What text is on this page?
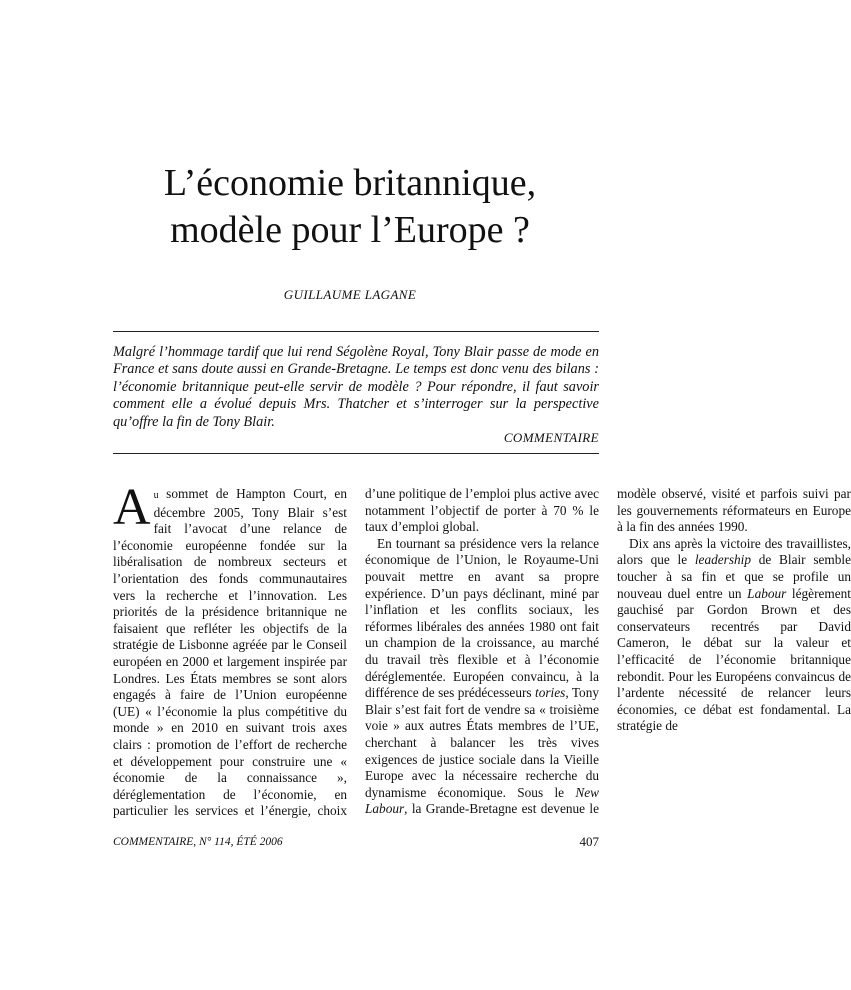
L’économie britannique,
modèle pour l’Europe ?
GUILLAUME LAGANE

Malgré l’hommage tardif que lui rend Ségolène Royal, Tony Blair passe de mode en France et sans doute aussi en Grande-Bretagne. Le temps est donc venu des bilans : l’économie britannique peut-elle servir de modèle ? Pour répondre, il faut savoir comment elle a évolué depuis Mrs. Thatcher et s’interroger sur la perspective qu’offre la fin de Tony Blair.

COMMENTAIRE

Au sommet de Hampton Court, en décembre 2005, Tony Blair s’est fait l’avocat d’une relance de l’économie européenne fondée sur la libéralisation de nombreux secteurs et l’orientation des fonds communautaires vers la recherche et l’innovation. Les priorités de la présidence britannique ne faisaient que refléter les objectifs de la stratégie de Lisbonne agréée par le Conseil européen en 2000 et largement inspirée par Londres. Les États membres se sont alors engagés à faire de l’Union européenne (UE) « l’économie la plus compétitive du monde » en 2010 en suivant trois axes clairs : promotion de l’effort de recherche et développement pour construire une « économie de la connaissance », déréglementation de l’économie, en particulier les services et l’énergie, choix d’une politique de l’emploi plus active avec notamment l’objectif de porter à 70 % le taux d’emploi global.

En tournant sa présidence vers la relance économique de l’Union, le Royaume-Uni pouvait mettre en avant sa propre expérience. D’un pays déclinant, miné par l’inflation et les conflits sociaux, les réformes libérales des années 1980 ont fait un champion de la croissance, au marché du travail très flexible et à l’économie déréglementée. Européen convaincu, à la différence de ses prédécesseurs tories, Tony Blair s’est fait fort de vendre sa « troisième voie » aux autres États membres de l’UE, cherchant à balancer les très vives exigences de justice sociale dans la Vieille Europe avec la nécessaire recherche du dynamisme économique. Sous le New Labour, la Grande-Bretagne est devenue le modèle observé, visité et parfois suivi par les gouvernements réformateurs en Europe à la fin des années 1990.

Dix ans après la victoire des travaillistes, alors que le leadership de Blair semble toucher à sa fin et que se profile un nouveau duel entre un Labour légèrement gauchisé par Gordon Brown et des conservateurs recentrés par David Cameron, le débat sur la valeur et l’efficacité de l’économie britannique rebondit. Pour les Européens convaincus de l’ardente nécessité de relancer leurs économies, ce débat est fondamental. La stratégie de

COMMENTAIRE, N° 114, ÉTÉ 2006	407
